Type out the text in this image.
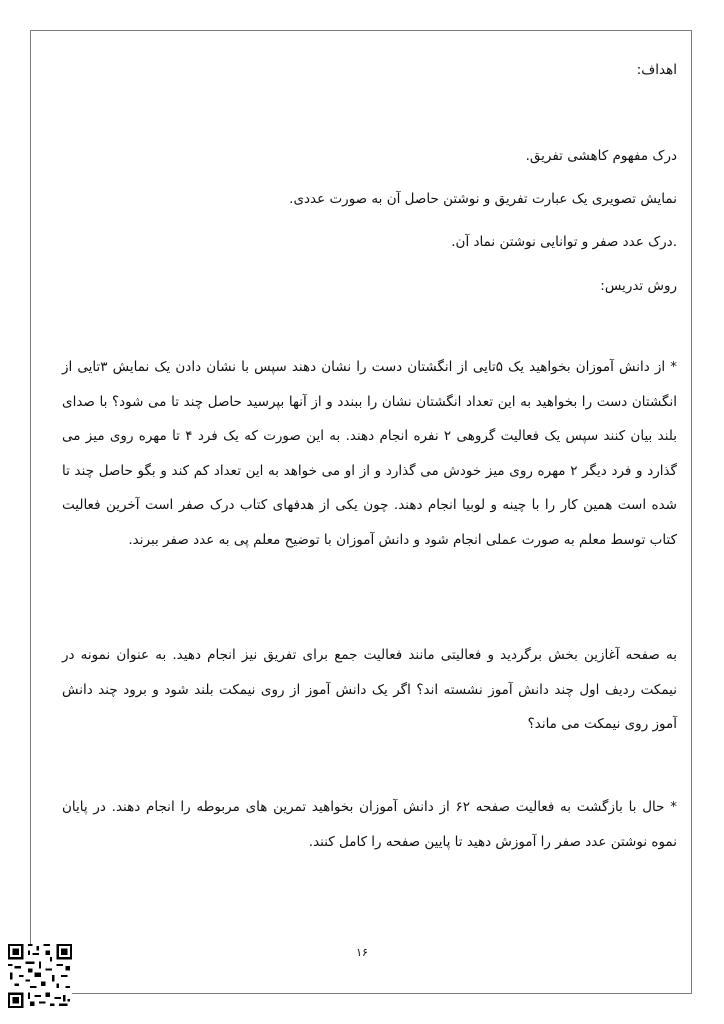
اهداف:
درک مفهوم کاهشی تفریق.
نمایش تصویری یک عبارت تفریق و نوشتن حاصل آن به صورت عددی.
.درک عدد صفر و توانایی نوشتن نماد آن.
روش تدریس:
* از دانش آموزان بخواهید یک ۵تایی از انگشتان دست را نشان دهند سپس با نشان دادن یک نمایش ۳تایی از انگشتان دست را بخواهید به این تعداد انگشتان نشان را ببندد و از آنها بپرسید حاصل چند تا می شود؟ با صدای بلند بیان کنند سپس یک فعالیت گروهی ۲ نفره انجام دهند. به این صورت که یک فرد ۴ تا مهره روی میز می گذارد و فرد دیگر ۲ مهره روی میز خودش می گذارد و از او می خواهد به این تعداد کم کند و بگو حاصل چند تا شده است همین کار را با چینه و لوبیا انجام دهند. چون یکی از هدفهای کتاب درک صفر است آخرین فعالیت کتاب توسط معلم به صورت عملی انجام شود و دانش آموزان با توضیح معلم پی به عدد صفر ببرند.
به صفحه آغازین بخش برگردید و فعالیتی مانند فعالیت جمع برای تفریق نیز انجام دهید. به عنوان نمونه در نیمکت ردیف اول چند دانش آموز نشسته اند؟ اگر یک دانش آموز از روی نیمکت بلند شود و برود چند دانش آموز روی نیمکت می ماند؟
* حال با بازگشت به فعالیت صفحه ۶۲ از دانش آموزان بخواهید تمرین های مربوطه را انجام دهند. در پایان نموه نوشتن عدد صفر را آموزش دهید تا پایین صفحه را کامل کنند.
۱۶
